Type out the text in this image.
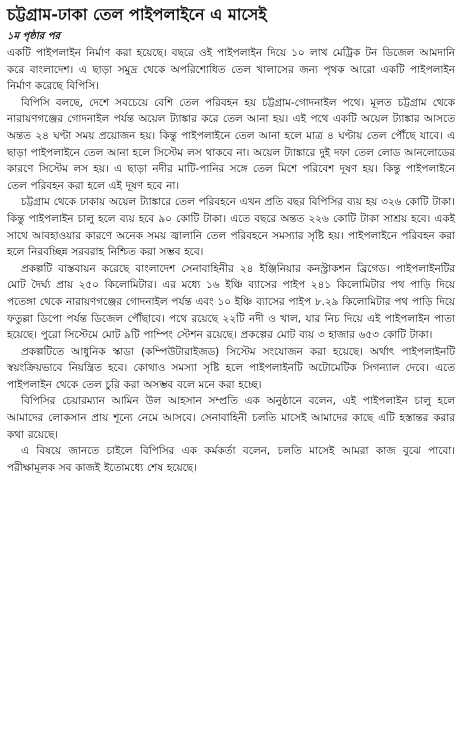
চট্টগ্রাম-ঢাকা তেল পাইপলাইনে এ মাসেই
১ম পৃষ্ঠার পর

একটি পাইপলাইন নির্মাণ করা হয়েছে। বছরে ওই পাইপলাইন দিয়ে ১০ লাখ মেট্রিক টন ডিজেল আমদানি করে বাংলাদেশ। এ ছাড়া সমুদ্র থেকে অপরিশোধিত তেল খালাসের জন্য পৃথক আরো একটি পাইপলাইন নির্মাণ করেছে বিপিসি।

বিপিসি বলছে, দেশে সবচেয়ে বেশি তেল পরিবহন হয় চট্টগ্রাম-গোদনাইল পথে। মূলত চট্টগ্রাম থেকে নারায়ণগঞ্জের গোদনাইল পর্যন্ত অয়েল ট্যাঙ্কার করে তেল আনা হয়। এই পথে একটি অয়েল ট্যাঙ্কার আসতে অন্তত ২৪ ঘণ্টা সময় প্রয়োজন হয়। কিন্তু পাইপলাইনে তেল আনা হলে মাত্র ৪ ঘণ্টায় তেল পৌঁছে যাবে। এ ছাড়া পাইপলাইনে তেল আনা হলে সিস্টেম লস থাকবে না। অয়েল ট্যাঙ্কারে দুই দফা তেল লোড আনলোডের কারণে সিস্টেম লস হয়। এ ছাড়া নদীর মাটি-পানির সঙ্গে তেল মিশে পরিবেশ দূষণ হয়। কিন্তু পাইপলাইনে তেল পরিবহন করা হলে এই দূষণ হবে না।

চট্টগ্রাম থেকে ঢাকায় অয়েল ট্যাঙ্কারে তেল পরিবহনে এখন প্রতি বছর বিপিসির ব্যয় হয় ৩২৬ কোটি টাকা। কিন্তু পাইপলাইন চালু হলে ব্যয় হবে ৯০ কোটি টাকা। এতে বছরে অন্তত ২২৬ কোটি টাকা সাশ্রয় হবে। একই সাথে আবহাওয়ার কারণে অনেক সময় জ্বালানি তেল পরিবহনে সমস্যার সৃষ্টি হয়। পাইপলাইনে পরিবহন করা হলে নিরবচ্ছিন্ন সরবরাহ নিশ্চিত করা সম্ভব হবে।

প্রকল্পটি বাস্তবায়ন করেছে বাংলাদেশ সেনাবাহিনীর ২৪ ইঞ্জিনিয়ার কনস্ট্রাকশন ব্রিগেড। পাইপলাইনটির মোট দৈর্ঘ্য প্রায় ২৫০ কিলোমিটার। এর মধ্যে ১৬ ইঞ্চি ব্যাসের পাইপ ২৪১ কিলোমিটার পথ পাড়ি দিয়ে পতেঙ্গা থেকে নারায়ণগঞ্জের গোদনাইল পর্যন্ত এবং ১০ ইঞ্চি ব্যাসের পাইপ ৮.২৯ কিলোমিটার পথ পাড়ি দিয়ে ফতুল্লা ডিপো পর্যন্ত ডিজেল পৌঁছাবে। পথে রয়েছে ২২টি নদী ও খাল, যার নিচ দিয়ে এই পাইপলাইন পাতা হয়েছে। পুরো সিস্টেমে মোট ৯টি পাম্পিং স্টেশন রয়েছে। প্রকল্পের মোট ব্যয় ৩ হাজার ৬৫৩ কোটি টাকা।

প্রকল্পটিতে আধুনিক স্কাডা (কম্পিউটারাইজড) সিস্টেম সংযোজন করা হয়েছে। অর্থাৎ পাইপলাইনটি স্বয়ংক্রিয়ভাবে নিয়ন্ত্রিত হবে। কোথাও সমস্যা সৃষ্টি হলে পাইপলাইনটি অটোমেটিক সিগন্যাল দেবে। এতে পাইপলাইন থেকে তেল চুরি করা অসম্ভব বলে মনে করা হচ্ছে।

বিপিসির চেয়ারম্যান আমিন উল আহসান সম্প্রতি এক অনুষ্ঠানে বলেন, এই পাইপলাইন চালু হলে আমাদের লোকসান প্রায় শূন্যে নেমে আসবে। সেনাবাহিনী চলতি মাসেই আমাদের কাছে এটি হস্তান্তর করার কথা রয়েছে।

এ বিষয়ে জানতে চাইলে বিপিসির এক কর্মকর্তা বলেন, চলতি মাসেই আমরা কাজ বুঝে পাবো। পরীক্ষামূলক সব কাজই ইতোমধ্যে শেষ হয়েছে।
